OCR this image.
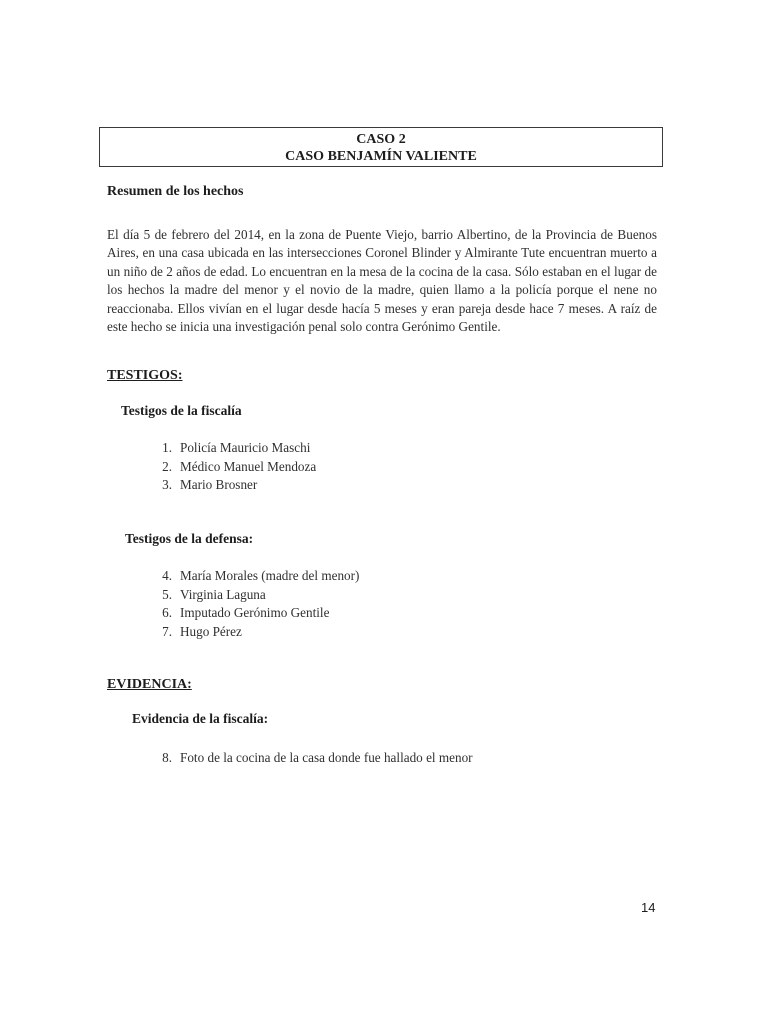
CASO 2
CASO BENJAMÍN VALIENTE
Resumen de los hechos
El día 5 de febrero del 2014, en la zona de Puente Viejo, barrio Albertino, de la Provincia de Buenos Aires, en una casa ubicada en las intersecciones Coronel Blinder y Almirante Tute encuentran muerto a un niño de 2 años de edad. Lo encuentran en la mesa de la cocina de la casa. Sólo estaban en el lugar de los hechos la madre del menor y el novio de la madre, quien llamo a la policía porque el nene no reaccionaba. Ellos vivían en el lugar desde hacía 5 meses y eran pareja desde hace 7 meses. A raíz de este hecho se inicia una investigación penal solo contra Gerónimo Gentile.
TESTIGOS:
Testigos de la fiscalía
1. Policía Mauricio Maschi
2. Médico Manuel Mendoza
3. Mario Brosner
Testigos de la defensa:
4. María Morales (madre del menor)
5. Virginia Laguna
6. Imputado Gerónimo Gentile
7. Hugo Pérez
EVIDENCIA:
Evidencia de la fiscalía:
8. Foto de la cocina de la casa donde fue hallado el menor
14
